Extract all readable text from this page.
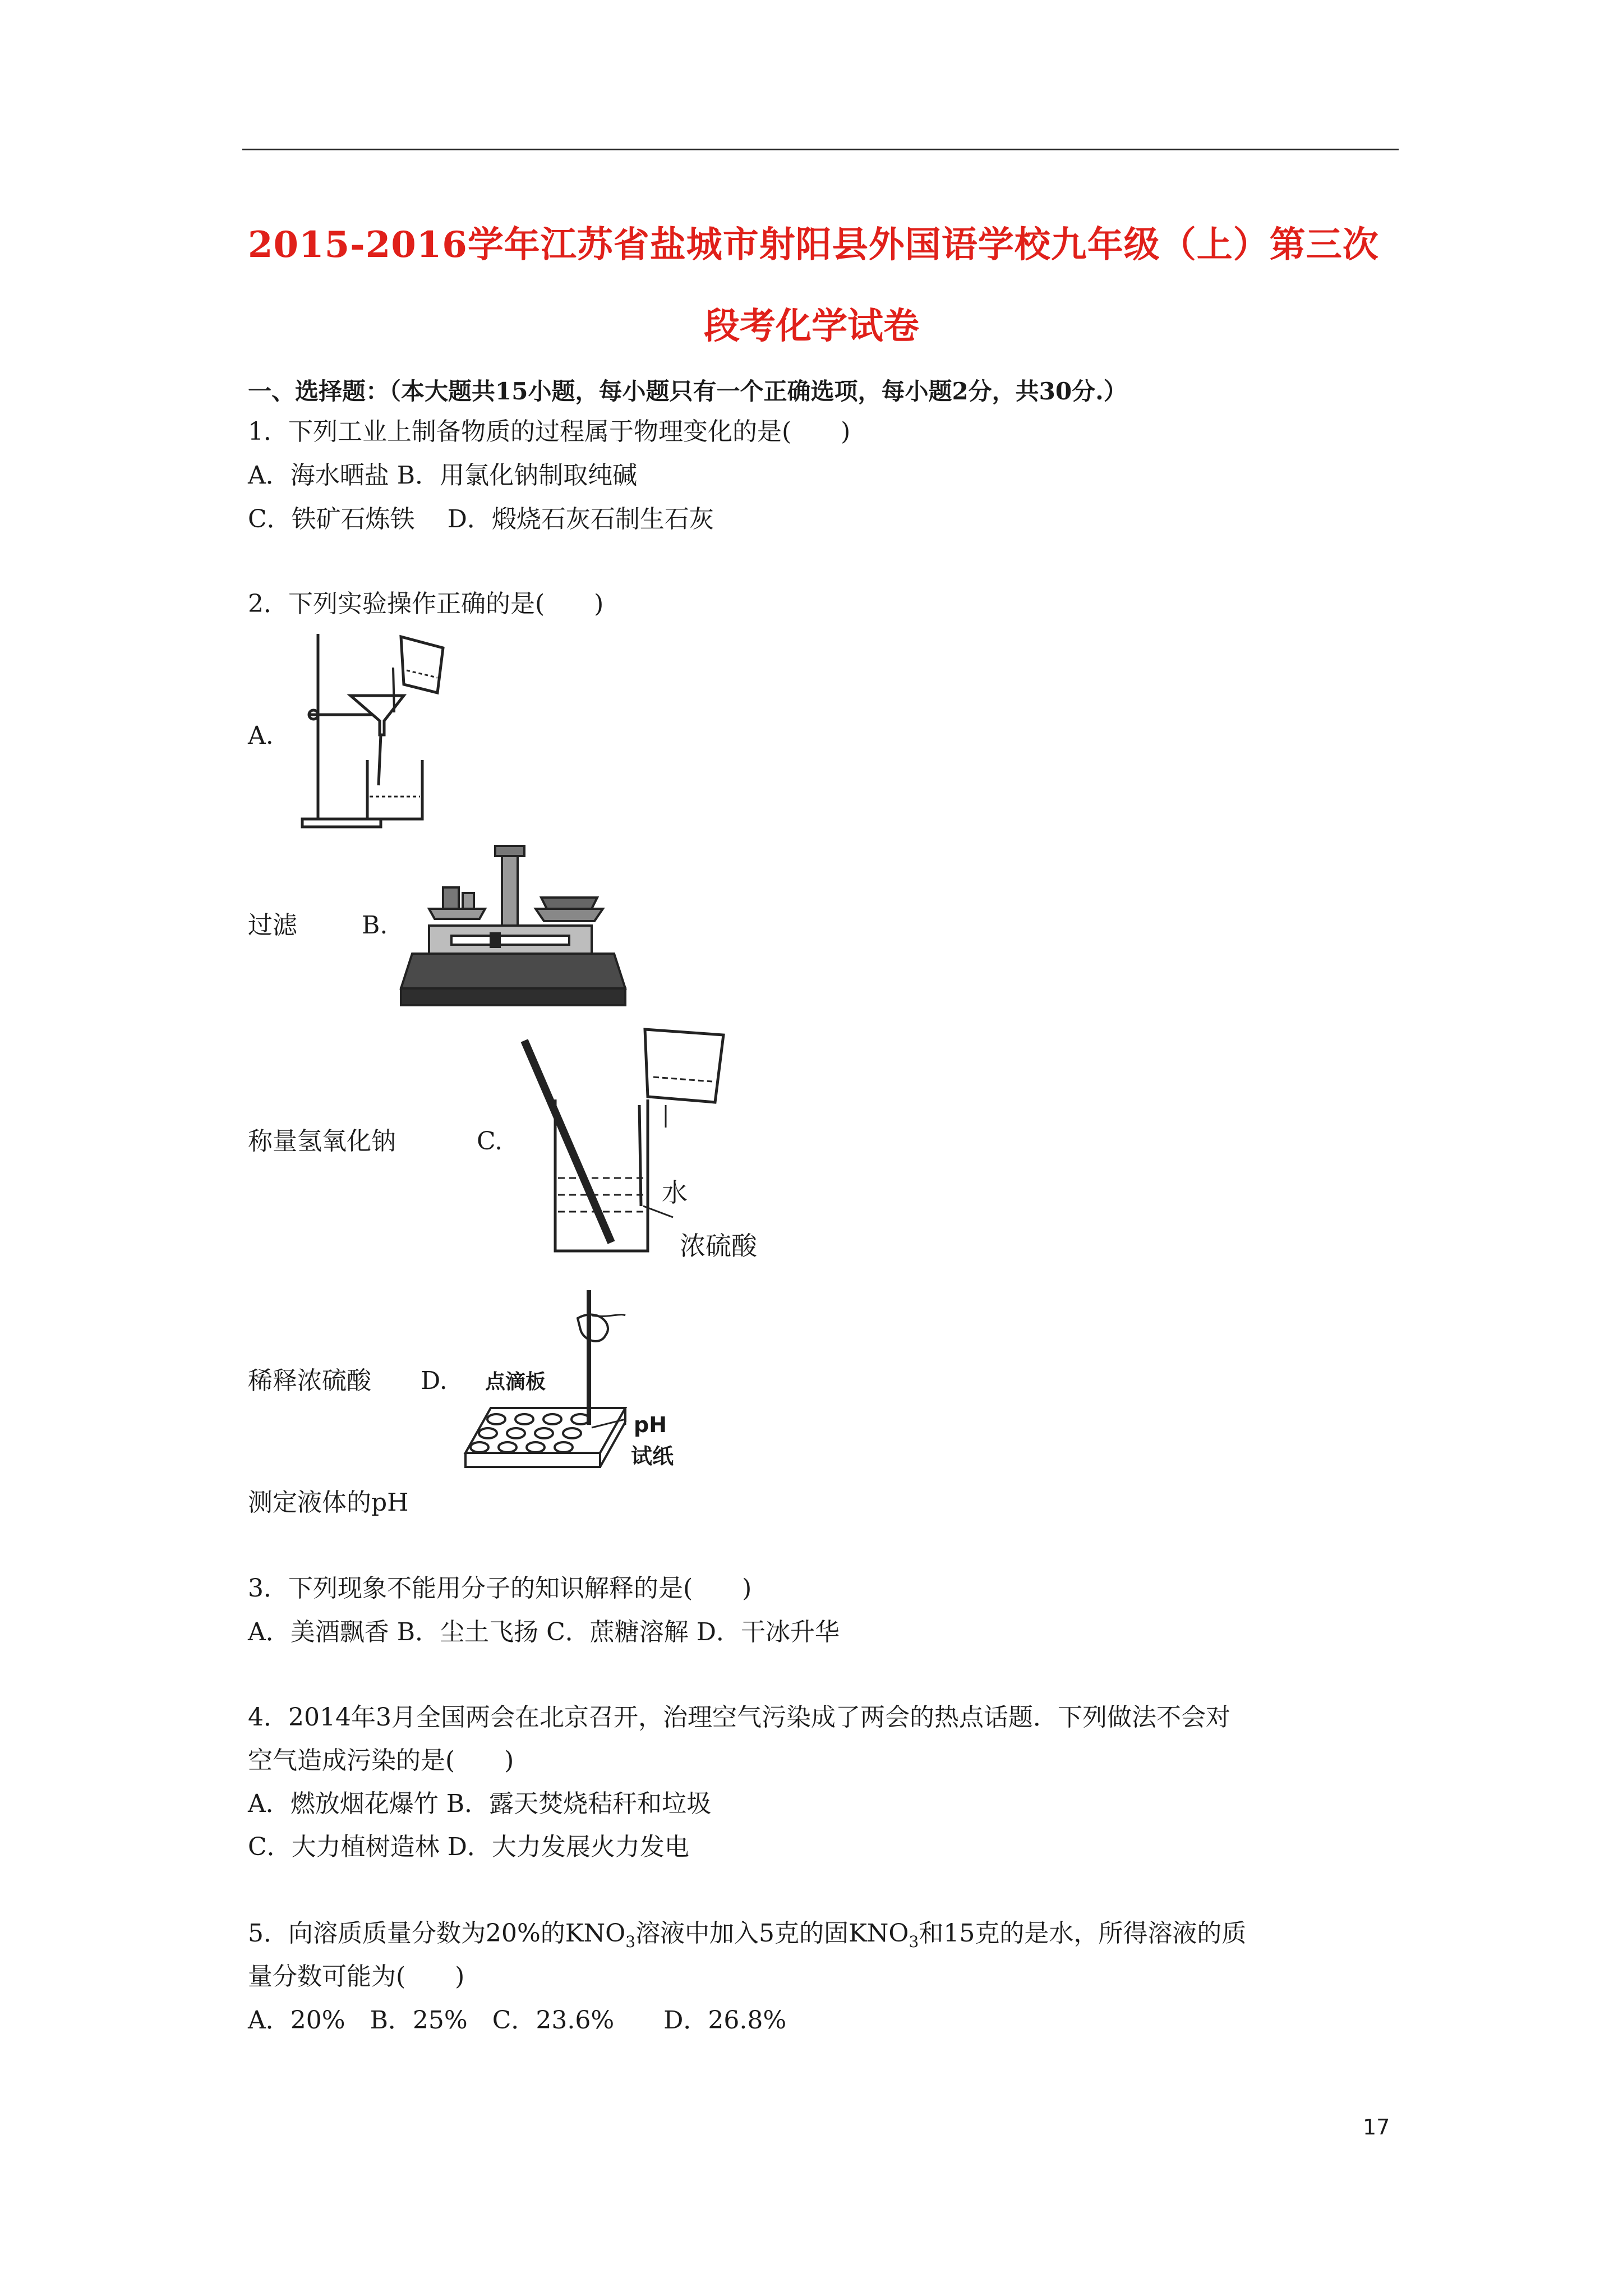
2015-2016学年江苏省盐城市射阳县外国语学校九年级（上）第三次
段考化学试卷
一、选择题：（本大题共15小题，每小题只有一个正确选项，每小题2分，共30分.）
1．下列工业上制备物质的过程属于物理变化的是(　　)
A．海水晒盐 B．用氯化钠制取纯碱
C．铁矿石炼铁　 D．煅烧石灰石制生石灰
2．下列实验操作正确的是(　　)
A.
过滤	B.
称量氢氧化钠	C.
水
浓硫酸
稀释浓硫酸 D. 点滴板
pH
试纸
测定液体的pH
3．下列现象不能用分子的知识解释的是(　　)
A．美酒飘香 B．尘土飞扬 C．蔗糖溶解 D．干冰升华
4．2014年3月全国两会在北京召开，治理空气污染成了两会的热点话题．下列做法不会对
空气造成污染的是(　　)
A．燃放烟花爆竹 B．露天焚烧秸秆和垃圾
C．大力植树造林 D．大力发展火力发电
5．向溶质质量分数为20%的$KNO_3$溶液中加入5克的固$KNO_3$和15克的是水，所得溶液的质
量分数可能为(　　)
A．20%　B．25%　C．23.6%　　D．26.8%
17
